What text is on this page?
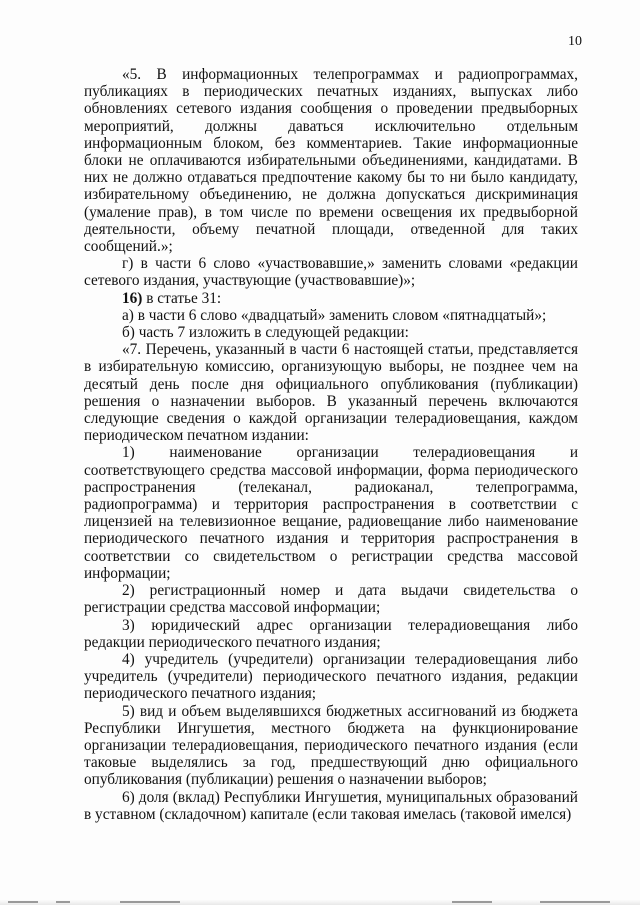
10

«5. В информационных телепрограммах и радиопрограммах, публикациях в периодических печатных изданиях, выпусках либо обновлениях сетевого издания сообщения о проведении предвыборных мероприятий, должны даваться исключительно отдельным информационным блоком, без комментариев. Такие информационные блоки не оплачиваются избирательными объединениями, кандидатами. В них не должно отдаваться предпочтение какому бы то ни было кандидату, избирательному объединению, не должна допускаться дискриминация (умаление прав), в том числе по времени освещения их предвыборной деятельности, объему печатной площади, отведенной для таких сообщений.»;

г) в части 6 слово «участвовавшие,» заменить словами «редакции сетевого издания, участвующие (участвовавшие)»;

16) в статье 31:

а) в части 6 слово «двадцатый» заменить словом «пятнадцатый»;

б) часть 7 изложить в следующей редакции:

«7. Перечень, указанный в части 6 настоящей статьи, представляется в избирательную комиссию, организующую выборы, не позднее чем на десятый день после дня официального опубликования (публикации) решения о назначении выборов. В указанный перечень включаются следующие сведения о каждой организации телерадиовещания, каждом периодическом печатном издании:

1) наименование организации телерадиовещания и соответствующего средства массовой информации, форма периодического распространения (телеканал, радиоканал, телепрограмма, радиопрограмма) и территория распространения в соответствии с лицензией на телевизионное вещание, радиовещание либо наименование периодического печатного издания и территория распространения в соответствии со свидетельством о регистрации средства массовой информации;

2) регистрационный номер и дата выдачи свидетельства о регистрации средства массовой информации;

3) юридический адрес организации телерадиовещания либо редакции периодического печатного издания;

4) учредитель (учредители) организации телерадиовещания либо учредитель (учредители) периодического печатного издания, редакции периодического печатного издания;

5) вид и объем выделявшихся бюджетных ассигнований из бюджета Республики Ингушетия, местного бюджета на функционирование организации телерадиовещания, периодического печатного издания (если таковые выделялись за год, предшествующий дню официального опубликования (публикации) решения о назначении выборов;

6) доля (вклад) Республики Ингушетия, муниципальных образований в уставном (складочном) капитале (если таковая имелась (таковой имелся)
